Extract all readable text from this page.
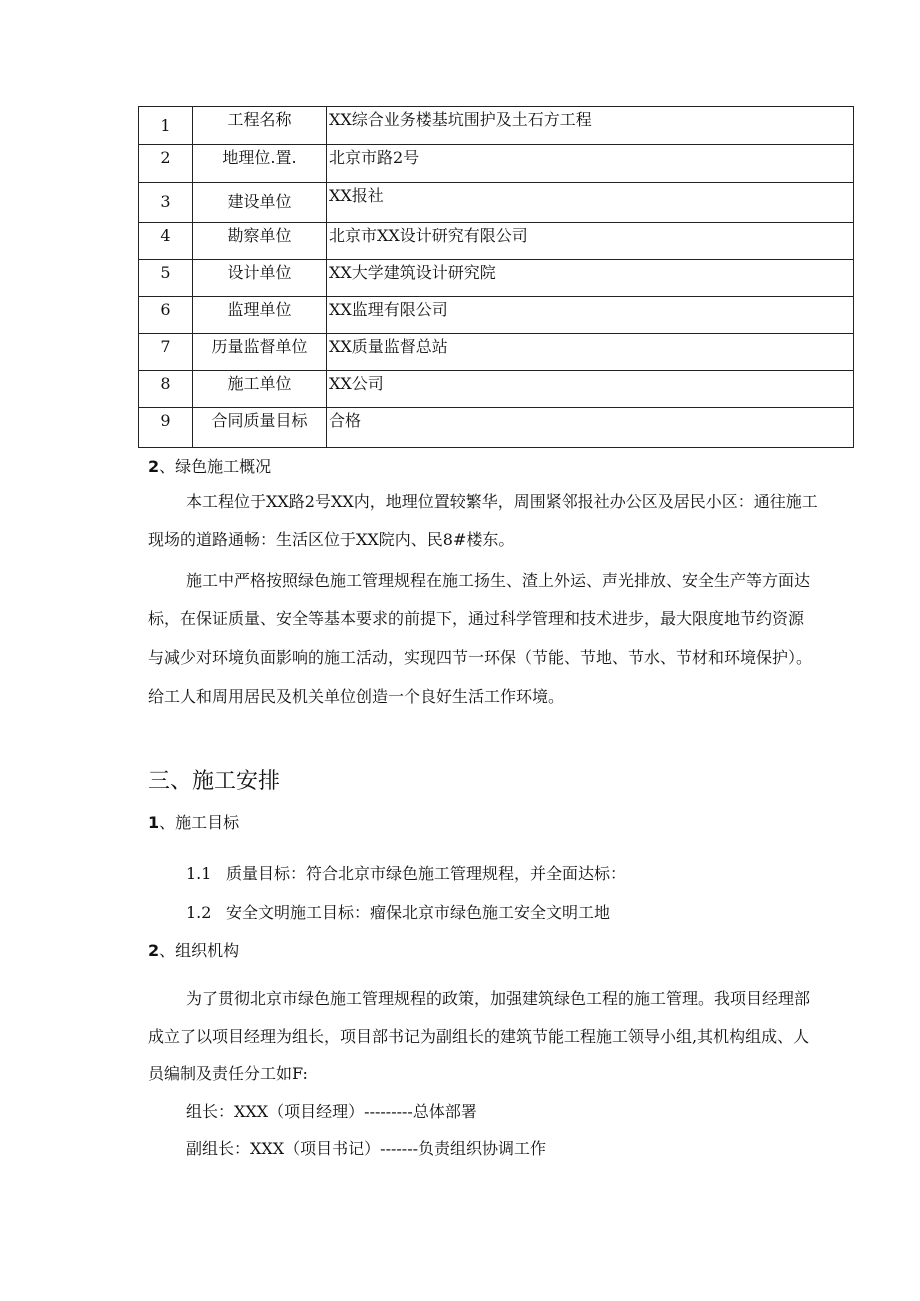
1	工程名称	XX综合业务楼基坑围护及土石方工程

2	地理位.置.	北京市路2号

3	建设单位	XX报社

4	勘察单位	北京市XX设计研究有限公司

5	设计单位	XX大学建筑设计研究院

6	监理单位	XX监理有限公司

7	历量监督单位	XX质量监督总站

8	施工单位	XX公司

9	合同质量目标	合格
2、绿色施工概况
本工程位于XX路2号XX内，地理位置较繁华，周围紧邻报社办公区及居民小区：通往施工
现场的道路通畅：生活区位于XX院内、民8#楼东。
施工中严格按照绿色施工管理规程在施工扬生、渣上外运、声光排放、安全生产等方面达
标，在保证质量、安全等基本要求的前提下，通过科学管理和技术进步，最大限度地节约资源
与减少对环境负面影响的施工活动，实现四节一环保（节能、节地、节水、节材和环境保护）。
给工人和周用居民及机关单位创造一个良好生活工作环境。
三、施工安排
1、施工目标
1.1 质量目标：符合北京市绿色施工管理规程，并全面达标：
1.2 安全文明施工目标：瘤保北京市绿色施工安全文明工地
2、组织机构
为了贯彻北京市绿色施工管理规程的政策，加强建筑绿色工程的施工管理。我项目经理部
成立了以项目经理为组长，项目部书记为副组长的建筑节能工程施工领导小组,其机构组成、人
员编制及责任分工如F:
组长：XXX（项目经理）---------总体部署
副组长：XXX（项目书记）-------负责组织协调工作
